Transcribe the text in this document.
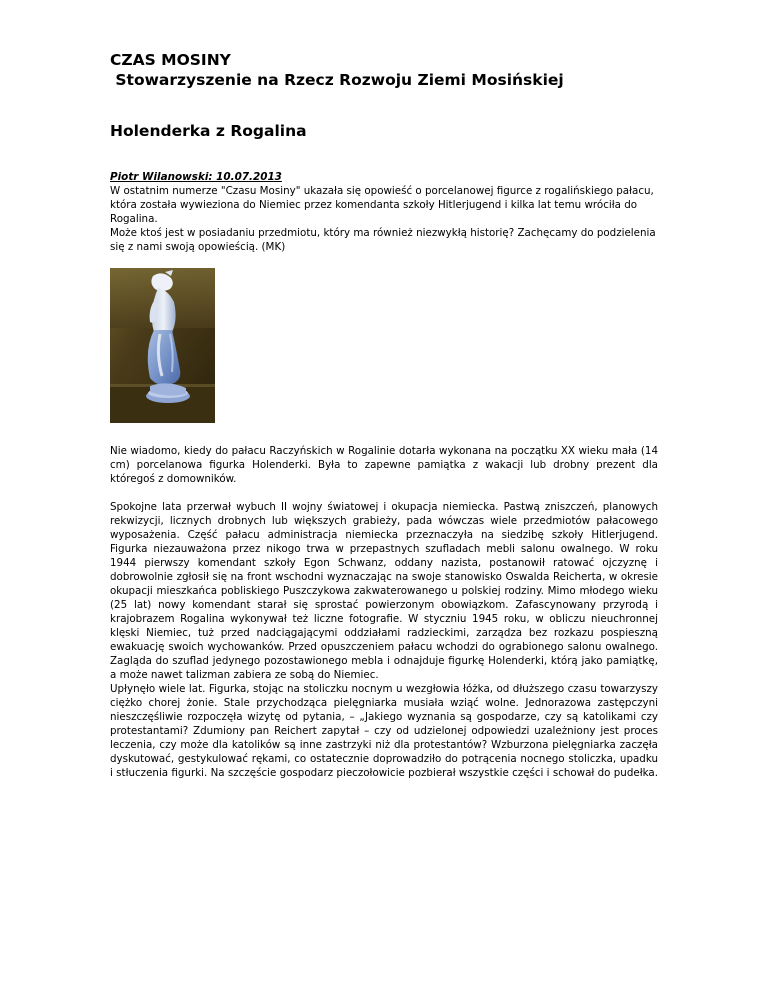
CZAS MOSINY
Stowarzyszenie na Rzecz Rozwoju Ziemi Mosińskiej
Holenderka z Rogalina
Piotr Wilanowski: 10.07.2013
W ostatnim numerze "Czasu Mosiny" ukazała się opowieść o porcelanowej figurce z rogalińskiego pałacu,
która została wywieziona do Niemiec przez komendanta szkoły Hitlerjugend i kilka lat temu wróciła do
Rogalina.
Może ktoś jest w posiadaniu przedmiotu, który ma również niezwykłą historię? Zachęcamy do podzielenia
się z nami swoją opowieścią. (MK)
Nie wiadomo, kiedy do pałacu Raczyńskich w Rogalinie dotarła wykonana na początku XX wieku mała (14
cm) porcelanowa figurka Holenderki. Była to zapewne pamiątka z wakacji lub drobny prezent dla
któregoś z domowników.
Spokojne lata przerwał wybuch II wojny światowej i okupacja niemiecka. Pastwą zniszczeń, planowych
rekwizycji, licznych drobnych lub większych grabieży, pada wówczas wiele przedmiotów pałacowego
wyposażenia. Część pałacu administracja niemiecka przeznaczyła na siedzibę szkoły Hitlerjugend.
Figurka niezauważona przez nikogo trwa w przepastnych szufladach mebli salonu owalnego. W roku
1944 pierwszy komendant szkoły Egon Schwanz, oddany nazista, postanowił ratować ojczyznę i
dobrowolnie zgłosił się na front wschodni wyznaczając na swoje stanowisko Oswalda Reicherta, w okresie
okupacji mieszkańca pobliskiego Puszczykowa zakwaterowanego u polskiej rodziny. Mimo młodego wieku
(25 lat) nowy komendant starał się sprostać powierzonym obowiązkom. Zafascynowany przyrodą i
krajobrazem Rogalina wykonywał też liczne fotografie. W styczniu 1945 roku, w obliczu nieuchronnej
klęski Niemiec, tuż przed nadciągającymi oddziałami radzieckimi, zarządza bez rozkazu pospieszną
ewakuację swoich wychowanków. Przed opuszczeniem pałacu wchodzi do ograbionego salonu owalnego.
Zagląda do szuflad jedynego pozostawionego mebla i odnajduje figurkę Holenderki, którą jako pamiątkę,
a może nawet talizman zabiera ze sobą do Niemiec.
Upłynęło wiele lat. Figurka, stojąc na stoliczku nocnym u wezgłowia łóżka, od dłuższego czasu towarzyszy
ciężko chorej żonie. Stale przychodząca pielęgniarka musiała wziąć wolne. Jednorazowa zastępczyni
nieszczęśliwie rozpoczęła wizytę od pytania, – „Jakiego wyznania są gospodarze, czy są katolikami czy
protestantami? Zdumiony pan Reichert zapytał – czy od udzielonej odpowiedzi uzależniony jest proces
leczenia, czy może dla katolików są inne zastrzyki niż dla protestantów? Wzburzona pielęgniarka zaczęła
dyskutować, gestykulować rękami, co ostatecznie doprowadziło do potrącenia nocnego stoliczka, upadku
i stłuczenia figurki. Na szczęście gospodarz pieczołowicie pozbierał wszystkie części i schował do pudełka.
